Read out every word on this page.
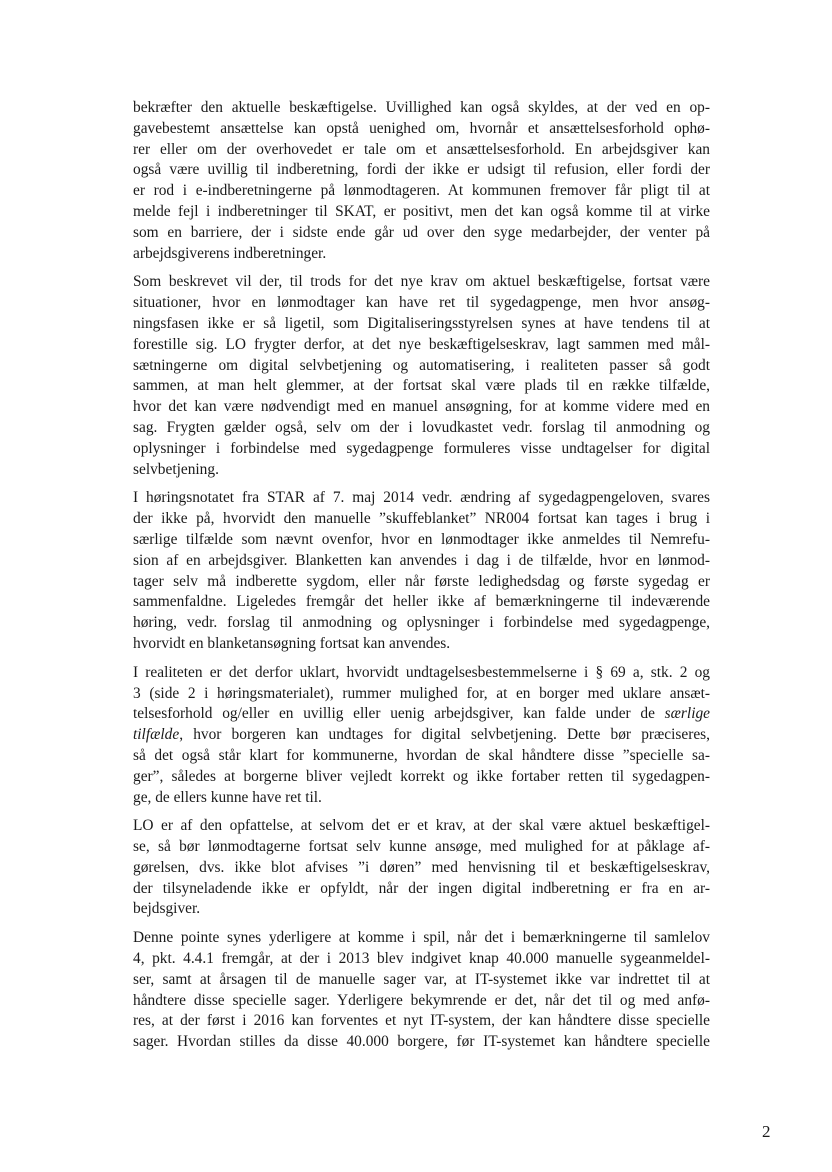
bekræfter den aktuelle beskæftigelse. Uvillighed kan også skyldes, at der ved en op-
gavebestemt ansættelse kan opstå uenighed om, hvornår et ansættelsesforhold ophø-
rer eller om der overhovedet er tale om et ansættelsesforhold. En arbejdsgiver kan
også være uvillig til indberetning, fordi der ikke er udsigt til refusion, eller fordi der
er rod i e-indberetningerne på lønmodtageren. At kommunen fremover får pligt til at
melde fejl i indberetninger til SKAT, er positivt, men det kan også komme til at virke
som en barriere, der i sidste ende går ud over den syge medarbejder, der venter på
arbejdsgiverens indberetninger.

Som beskrevet vil der, til trods for det nye krav om aktuel beskæftigelse, fortsat være
situationer, hvor en lønmodtager kan have ret til sygedagpenge, men hvor ansøg-
ningsfasen ikke er så ligetil, som Digitaliseringsstyrelsen synes at have tendens til at
forestille sig. LO frygter derfor, at det nye beskæftigelseskrav, lagt sammen med mål-
sætningerne om digital selvbetjening og automatisering, i realiteten passer så godt
sammen, at man helt glemmer, at der fortsat skal være plads til en række tilfælde,
hvor det kan være nødvendigt med en manuel ansøgning, for at komme videre med en
sag. Frygten gælder også, selv om der i lovudkastet vedr. forslag til anmodning og
oplysninger i forbindelse med sygedagpenge formuleres visse undtagelser for digital
selvbetjening.

I høringsnotatet fra STAR af 7. maj 2014 vedr. ændring af sygedagpengeloven, svares
der ikke på, hvorvidt den manuelle ”skuffeblanket” NR004 fortsat kan tages i brug i
særlige tilfælde som nævnt ovenfor, hvor en lønmodtager ikke anmeldes til Nemrefu-
sion af en arbejdsgiver. Blanketten kan anvendes i dag i de tilfælde, hvor en lønmod-
tager selv må indberette sygdom, eller når første ledighedsdag og første sygedag er
sammenfaldne. Ligeledes fremgår det heller ikke af bemærkningerne til indeværende
høring, vedr. forslag til anmodning og oplysninger i forbindelse med sygedagpenge,
hvorvidt en blanketansøgning fortsat kan anvendes.

I realiteten er det derfor uklart, hvorvidt undtagelsesbestemmelserne i § 69 a, stk. 2 og
3 (side 2 i høringsmaterialet), rummer mulighed for, at en borger med uklare ansæt-
telsesforhold og/eller en uvillig eller uenig arbejdsgiver, kan falde under de særlige
tilfælde, hvor borgeren kan undtages for digital selvbetjening. Dette bør præciseres,
så det også står klart for kommunerne, hvordan de skal håndtere disse ”specielle sa-
ger”, således at borgerne bliver vejledt korrekt og ikke fortaber retten til sygedagpen-
ge, de ellers kunne have ret til.

LO er af den opfattelse, at selvom det er et krav, at der skal være aktuel beskæftigel-
se, så bør lønmodtagerne fortsat selv kunne ansøge, med mulighed for at påklage af-
gørelsen, dvs. ikke blot afvises ”i døren” med henvisning til et beskæftigelseskrav,
der tilsyneladende ikke er opfyldt, når der ingen digital indberetning er fra en ar-
bejdsgiver.

Denne pointe synes yderligere at komme i spil, når det i bemærkningerne til samlelov
4, pkt. 4.4.1 fremgår, at der i 2013 blev indgivet knap 40.000 manuelle sygeanmeldel-
ser, samt at årsagen til de manuelle sager var, at IT-systemet ikke var indrettet til at
håndtere disse specielle sager. Yderligere bekymrende er det, når det til og med anfø-
res, at der først i 2016 kan forventes et nyt IT-system, der kan håndtere disse specielle
sager. Hvordan stilles da disse 40.000 borgere, før IT-systemet kan håndtere specielle

2
